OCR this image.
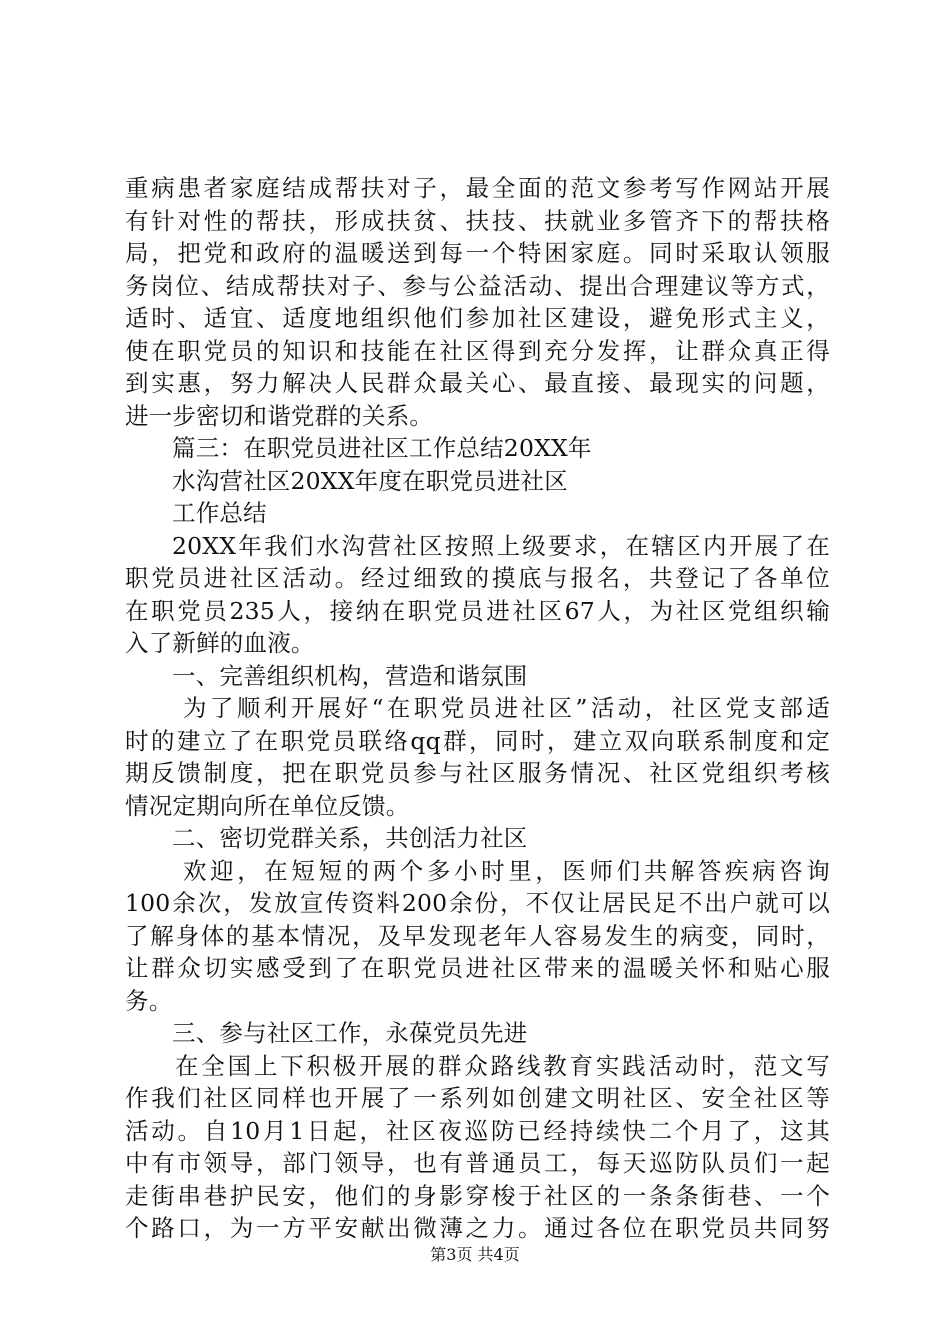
重病患者家庭结成帮扶对子，最全面的范文参考写作网站开展
有针对性的帮扶，形成扶贫、扶技、扶就业多管齐下的帮扶格
局，把党和政府的温暖送到每一个特困家庭。同时采取认领服
务岗位、结成帮扶对子、参与公益活动、提出合理建议等方式，
适时、适宜、适度地组织他们参加社区建设，避免形式主义，
使在职党员的知识和技能在社区得到充分发挥，让群众真正得
到实惠，努力解决人民群众最关心、最直接、最现实的问题，
进一步密切和谐党群的关系。
篇三：在职党员进社区工作总结20XX年
水沟营社区20XX年度在职党员进社区
工作总结
20XX年我们水沟营社区按照上级要求，在辖区内开展了在
职党员进社区活动。经过细致的摸底与报名，共登记了各单位
在职党员235人，接纳在职党员进社区67人，为社区党组织输
入了新鲜的血液。
一、完善组织机构，营造和谐氛围
为了顺利开展好“在职党员进社区”活动，社区党支部适
时的建立了在职党员联络qq群，同时，建立双向联系制度和定
期反馈制度，把在职党员参与社区服务情况、社区党组织考核
情况定期向所在单位反馈。
二、密切党群关系，共创活力社区
欢迎，在短短的两个多小时里，医师们共解答疾病咨询
100余次，发放宣传资料200余份，不仅让居民足不出户就可以
了解身体的基本情况，及早发现老年人容易发生的病变，同时，
让群众切实感受到了在职党员进社区带来的温暖关怀和贴心服
务。
三、参与社区工作，永葆党员先进
在全国上下积极开展的群众路线教育实践活动时，范文写
作我们社区同样也开展了一系列如创建文明社区、安全社区等
活动。自10月1日起，社区夜巡防已经持续快二个月了，这其
中有市领导，部门领导，也有普通员工，每天巡防队员们一起
走街串巷护民安，他们的身影穿梭于社区的一条条街巷、一个
个路口，为一方平安献出微薄之力。通过各位在职党员共同努
第3页 共4页
